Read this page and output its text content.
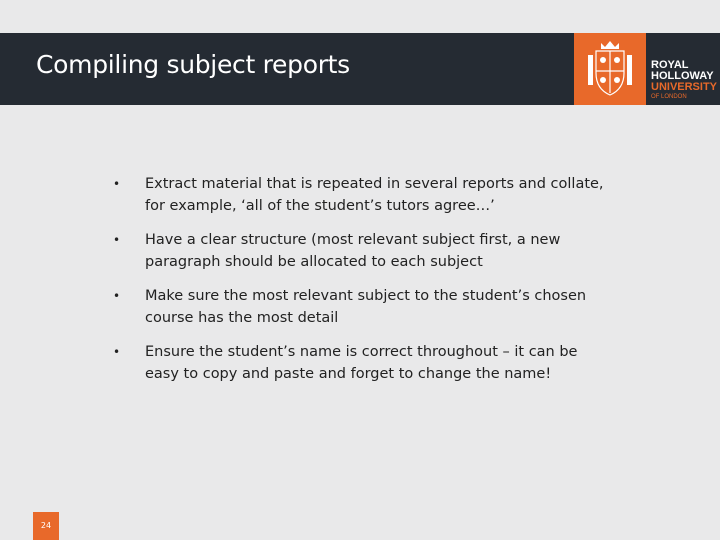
Compiling subject reports	ROYAL
HOLLOWAY
UNIVERSITY
OF LONDON
• Extract material that is repeated in several reports and collate, for example, ‘all of the student’s tutors agree…’
• Have a clear structure (most relevant subject first, a new paragraph should be allocated to each subject
• Make sure the most relevant subject to the student’s chosen course has the most detail
• Ensure the student’s name is correct throughout – it can be easy to copy and paste and forget to change the name!
24
